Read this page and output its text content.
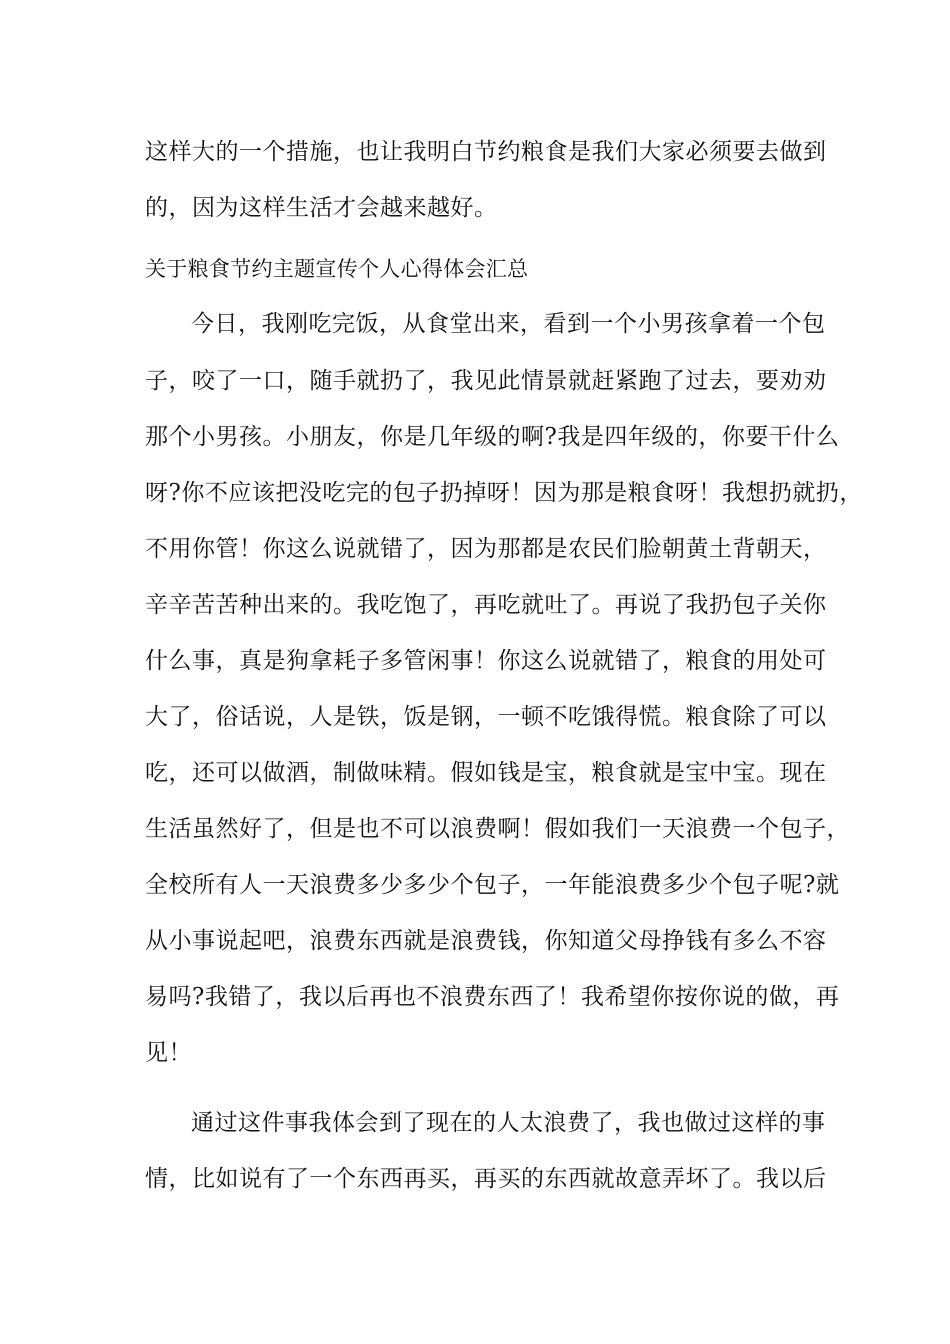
这样大的一个措施，也让我明白节约粮食是我们大家必须要去做到
的，因为这样生活才会越来越好。
关于粮食节约主题宣传个人心得体会汇总
今日，我刚吃完饭，从食堂出来，看到一个小男孩拿着一个包
子，咬了一口，随手就扔了，我见此情景就赶紧跑了过去，要劝劝
那个小男孩。小朋友，你是几年级的啊?我是四年级的，你要干什么
呀?你不应该把没吃完的包子扔掉呀！因为那是粮食呀！我想扔就扔，
不用你管！你这么说就错了，因为那都是农民们脸朝黄土背朝天，
辛辛苦苦种出来的。我吃饱了，再吃就吐了。再说了我扔包子关你
什么事，真是狗拿耗子多管闲事！你这么说就错了，粮食的用处可
大了，俗话说，人是铁，饭是钢，一顿不吃饿得慌。粮食除了可以
吃，还可以做酒，制做味精。假如钱是宝，粮食就是宝中宝。现在
生活虽然好了，但是也不可以浪费啊！假如我们一天浪费一个包子，
全校所有人一天浪费多少多少个包子，一年能浪费多少个包子呢?就
从小事说起吧，浪费东西就是浪费钱，你知道父母挣钱有多么不容
易吗?我错了，我以后再也不浪费东西了！我希望你按你说的做，再
见！
通过这件事我体会到了现在的人太浪费了，我也做过这样的事
情，比如说有了一个东西再买，再买的东西就故意弄坏了。我以后
